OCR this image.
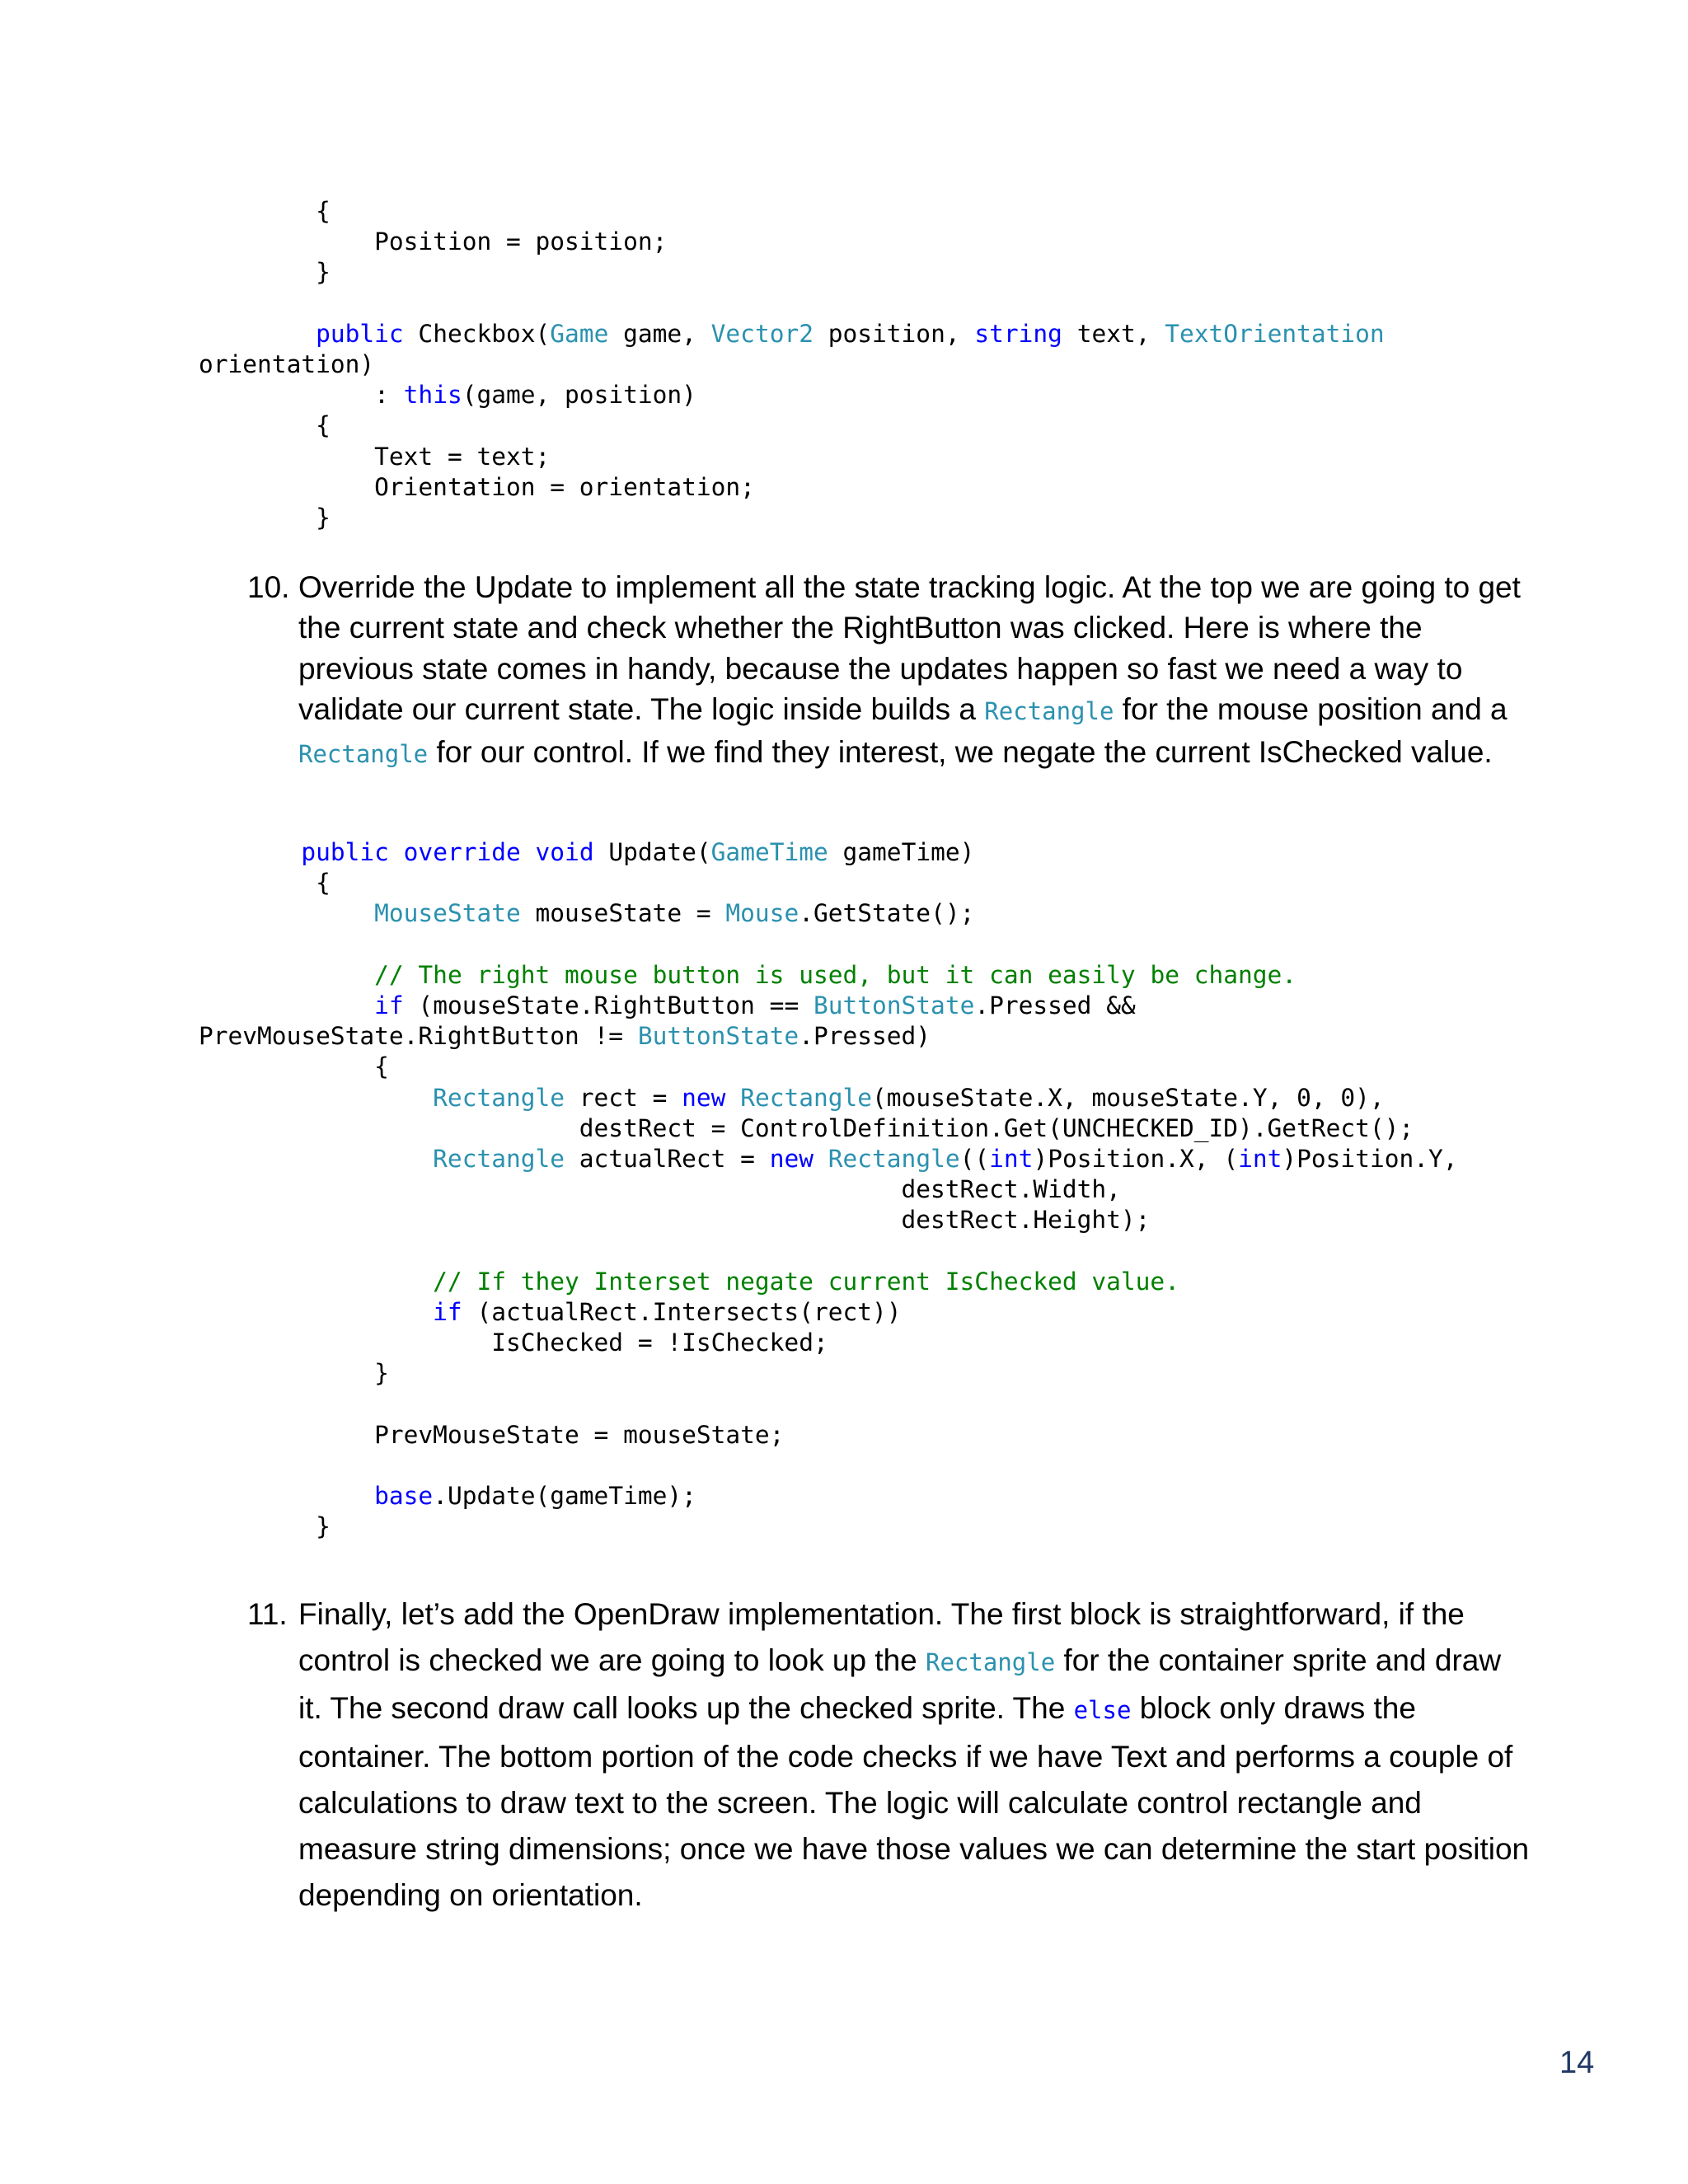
{
Position = position;
}
public Checkbox(Game game, Vector2 position, string text, TextOrientation
orientation)
: this(game, position)
{
Text = text;
Orientation = orientation;
}
10. Override the Update to implement all the state tracking logic. At the top we are going to get the current state and check whether the RightButton was clicked. Here is where the previous state comes in handy, because the updates happen so fast we need a way to validate our current state. The logic inside builds a Rectangle for the mouse position and a Rectangle for our control. If we find they interest, we negate the current IsChecked value.
public override void Update(GameTime gameTime)
{
MouseState mouseState = Mouse.GetState();
// The right mouse button is used, but it can easily be change.
if (mouseState.RightButton == ButtonState.Pressed &&
PrevMouseState.RightButton != ButtonState.Pressed)
{
Rectangle rect = new Rectangle(mouseState.X, mouseState.Y, 0, 0),
destRect = ControlDefinition.Get(UNCHECKED_ID).GetRect();
Rectangle actualRect = new Rectangle((int)Position.X, (int)Position.Y,
destRect.Width,
destRect.Height);
// If they Interset negate current IsChecked value.
if (actualRect.Intersects(rect))
IsChecked = !IsChecked;
}
PrevMouseState = mouseState;
base.Update(gameTime);
}
11. Finally, let’s add the OpenDraw implementation. The first block is straightforward, if the control is checked we are going to look up the Rectangle for the container sprite and draw it. The second draw call looks up the checked sprite. The else block only draws the container. The bottom portion of the code checks if we have Text and performs a couple of calculations to draw text to the screen. The logic will calculate control rectangle and measure string dimensions; once we have those values we can determine the start position depending on orientation.
14
